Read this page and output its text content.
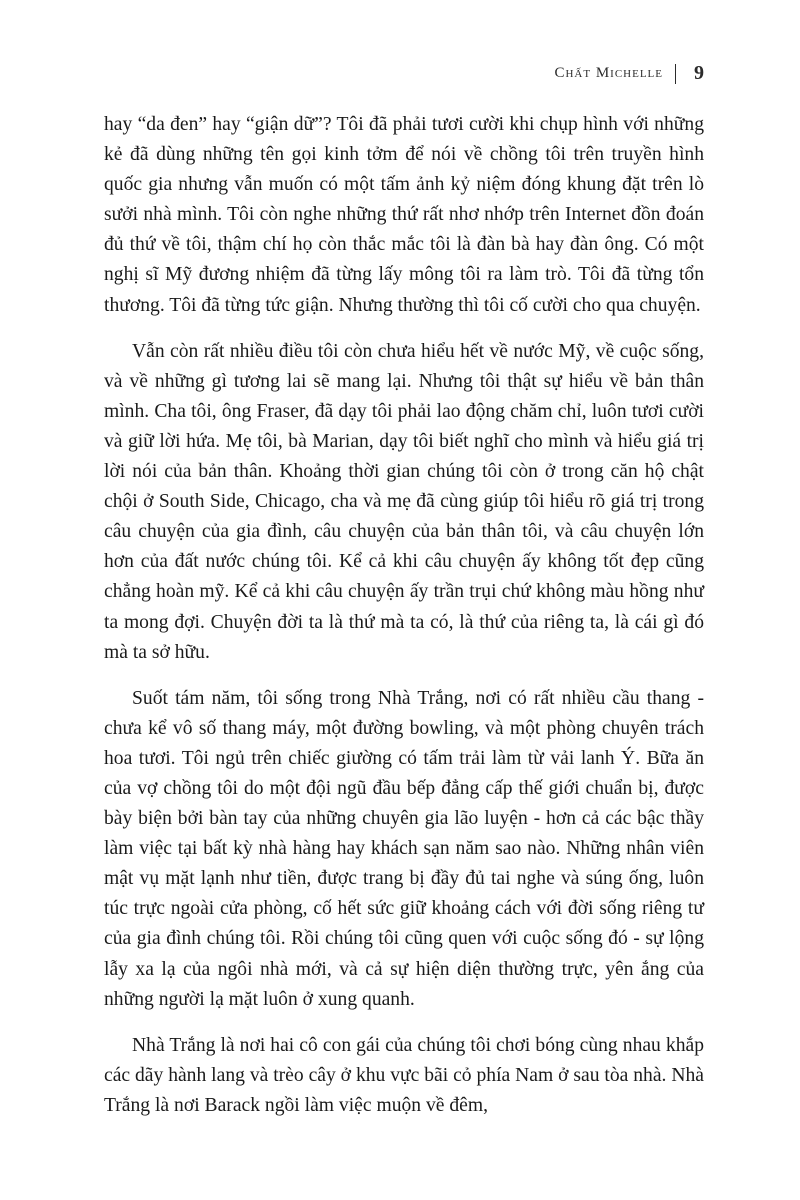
Chất Michelle 9

hay “da đen” hay “giận dữ”? Tôi đã phải tươi cười khi chụp hình với những kẻ đã dùng những tên gọi kinh tởm để nói về chồng tôi trên truyền hình quốc gia nhưng vẫn muốn có một tấm ảnh kỷ niệm đóng khung đặt trên lò sưởi nhà mình. Tôi còn nghe những thứ rất nhơ nhớp trên Internet đồn đoán đủ thứ về tôi, thậm chí họ còn thắc mắc tôi là đàn bà hay đàn ông. Có một nghị sĩ Mỹ đương nhiệm đã từng lấy mông tôi ra làm trò. Tôi đã từng tổn thương. Tôi đã từng tức giận. Nhưng thường thì tôi cố cười cho qua chuyện.

Vẫn còn rất nhiều điều tôi còn chưa hiểu hết về nước Mỹ, về cuộc sống, và về những gì tương lai sẽ mang lại. Nhưng tôi thật sự hiểu về bản thân mình. Cha tôi, ông Fraser, đã dạy tôi phải lao động chăm chỉ, luôn tươi cười và giữ lời hứa. Mẹ tôi, bà Marian, dạy tôi biết nghĩ cho mình và hiểu giá trị lời nói của bản thân. Khoảng thời gian chúng tôi còn ở trong căn hộ chật chội ở South Side, Chicago, cha và mẹ đã cùng giúp tôi hiểu rõ giá trị trong câu chuyện của gia đình, câu chuyện của bản thân tôi, và câu chuyện lớn hơn của đất nước chúng tôi. Kể cả khi câu chuyện ấy không tốt đẹp cũng chẳng hoàn mỹ. Kể cả khi câu chuyện ấy trần trụi chứ không màu hồng như ta mong đợi. Chuyện đời ta là thứ mà ta có, là thứ của riêng ta, là cái gì đó mà ta sở hữu.

Suốt tám năm, tôi sống trong Nhà Trắng, nơi có rất nhiều cầu thang - chưa kể vô số thang máy, một đường bowling, và một phòng chuyên trách hoa tươi. Tôi ngủ trên chiếc giường có tấm trải làm từ vải lanh Ý. Bữa ăn của vợ chồng tôi do một đội ngũ đầu bếp đẳng cấp thế giới chuẩn bị, được bày biện bởi bàn tay của những chuyên gia lão luyện - hơn cả các bậc thầy làm việc tại bất kỳ nhà hàng hay khách sạn năm sao nào. Những nhân viên mật vụ mặt lạnh như tiền, được trang bị đầy đủ tai nghe và súng ống, luôn túc trực ngoài cửa phòng, cố hết sức giữ khoảng cách với đời sống riêng tư của gia đình chúng tôi. Rồi chúng tôi cũng quen với cuộc sống đó - sự lộng lẫy xa lạ của ngôi nhà mới, và cả sự hiện diện thường trực, yên ắng của những người lạ mặt luôn ở xung quanh.

Nhà Trắng là nơi hai cô con gái của chúng tôi chơi bóng cùng nhau khắp các dãy hành lang và trèo cây ở khu vực bãi cỏ phía Nam ở sau tòa nhà. Nhà Trắng là nơi Barack ngồi làm việc muộn về đêm,
